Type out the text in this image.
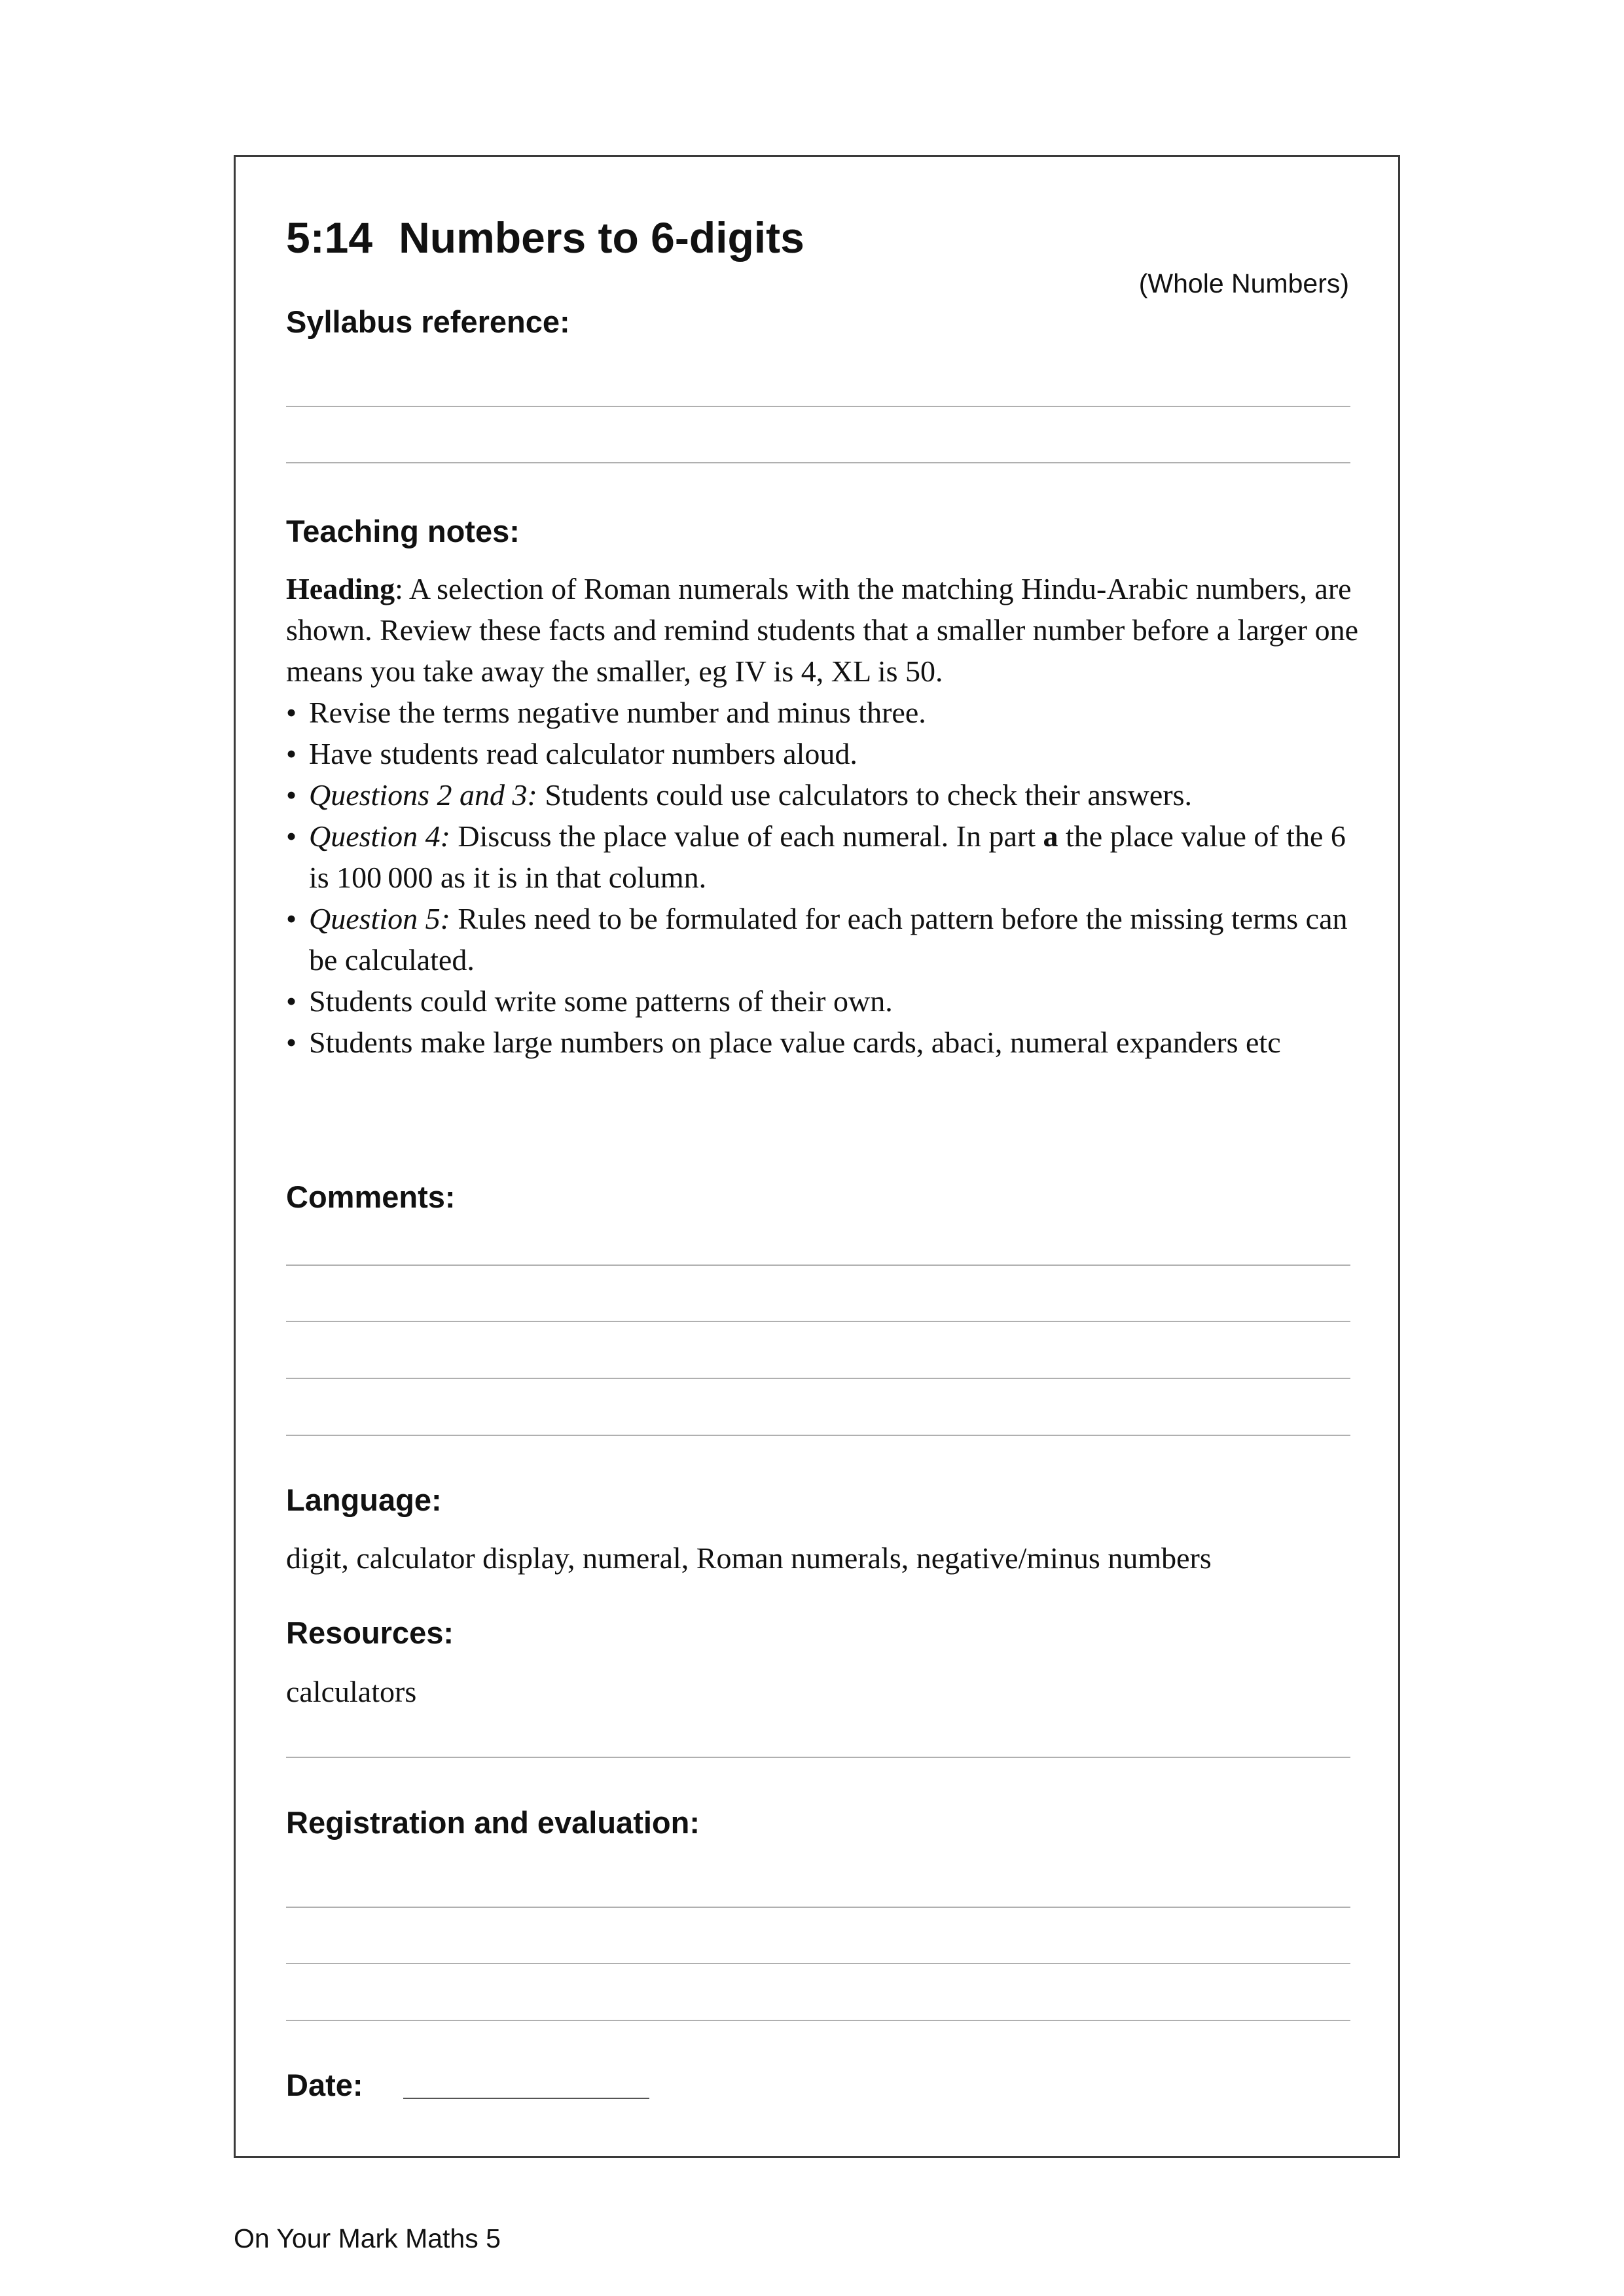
5:14 Numbers to 6-digits
(Whole Numbers)
Syllabus reference:
Teaching notes:

Heading: A selection of Roman numerals with the matching Hindu-Arabic numbers, are shown. Review these facts and remind students that a smaller number before a larger one means you take away the smaller, eg IV is 4, XL is 50.

• Revise the terms negative number and minus three.
• Have students read calculator numbers aloud.
• Questions 2 and 3: Students could use calculators to check their answers.
• Question 4: Discuss the place value of each numeral. In part a the place value of the 6 is 100 000 as it is in that column.
• Question 5: Rules need to be formulated for each pattern before the missing terms can be calculated.
• Students could write some patterns of their own.
• Students make large numbers on place value cards, abaci, numeral expanders etc
Comments:
Language:
digit, calculator display, numeral, Roman numerals, negative/minus numbers
Resources:
calculators
Registration and evaluation:
Date:
On Your Mark Maths 5
